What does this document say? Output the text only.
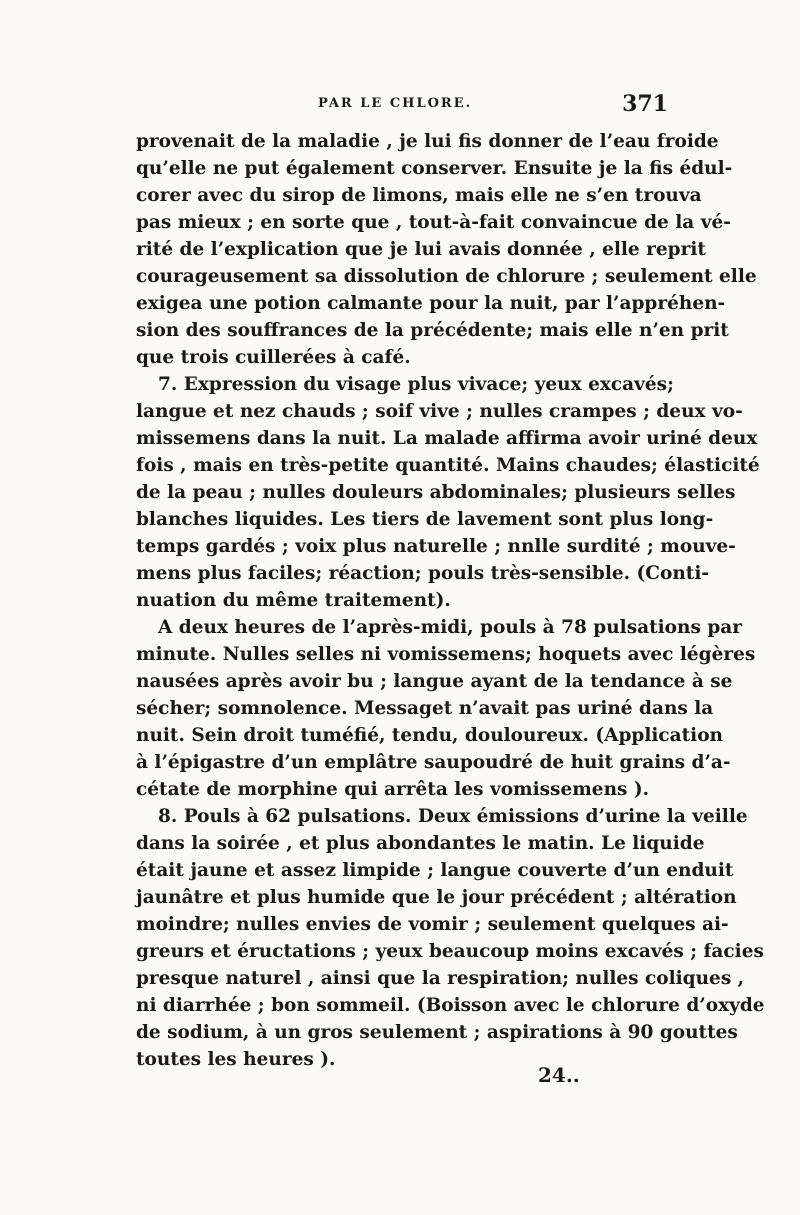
PAR LE CHLORE.	371
provenait de la maladie , je lui fis donner de l’eau froide
qu’elle ne put également conserver. Ensuite je la fis édul-
corer avec du sirop de limons, mais elle ne s’en trouva
pas mieux ; en sorte que , tout-à-fait convaincue de la vé-
rité de l’explication que je lui avais donnée , elle reprit
courageusement sa dissolution de chlorure ; seulement elle
exigea une potion calmante pour la nuit, par l’appréhen-
sion des souffrances de la précédente; mais elle n’en prit
que trois cuillerées à café.
7. Expression du visage plus vivace; yeux excavés;
langue et nez chauds ; soif vive ; nulles crampes ; deux vo-
missemens dans la nuit. La malade affirma avoir uriné deux
fois , mais en très-petite quantité. Mains chaudes; élasticité
de la peau ; nulles douleurs abdominales; plusieurs selles
blanches liquides. Les tiers de lavement sont plus long-
temps gardés ; voix plus naturelle ; nnlle surdité ; mouve-
mens plus faciles; réaction; pouls très-sensible. (Conti-
nuation du même traitement).
A deux heures de l’après-midi, pouls à 78 pulsations par
minute. Nulles selles ni vomissemens; hoquets avec légères
nausées après avoir bu ; langue ayant de la tendance à se
sécher; somnolence. Messaget n’avait pas uriné dans la
nuit. Sein droit tuméfié, tendu, douloureux. (Application
à l’épigastre d’un emplâtre saupoudré de huit grains d’a-
cétate de morphine qui arrêta les vomissemens ).
8. Pouls à 62 pulsations. Deux émissions d’urine la veille
dans la soirée , et plus abondantes le matin. Le liquide
était jaune et assez limpide ; langue couverte d’un enduit
jaunâtre et plus humide que le jour précédent ; altération
moindre; nulles envies de vomir ; seulement quelques ai-
greurs et éructations ; yeux beaucoup moins excavés ; facies
presque naturel , ainsi que la respiration; nulles coliques ,
ni diarrhée ; bon sommeil. (Boisson avec le chlorure d’oxyde
de sodium, à un gros seulement ; aspirations à 90 gouttes
toutes les heures ).
24..
